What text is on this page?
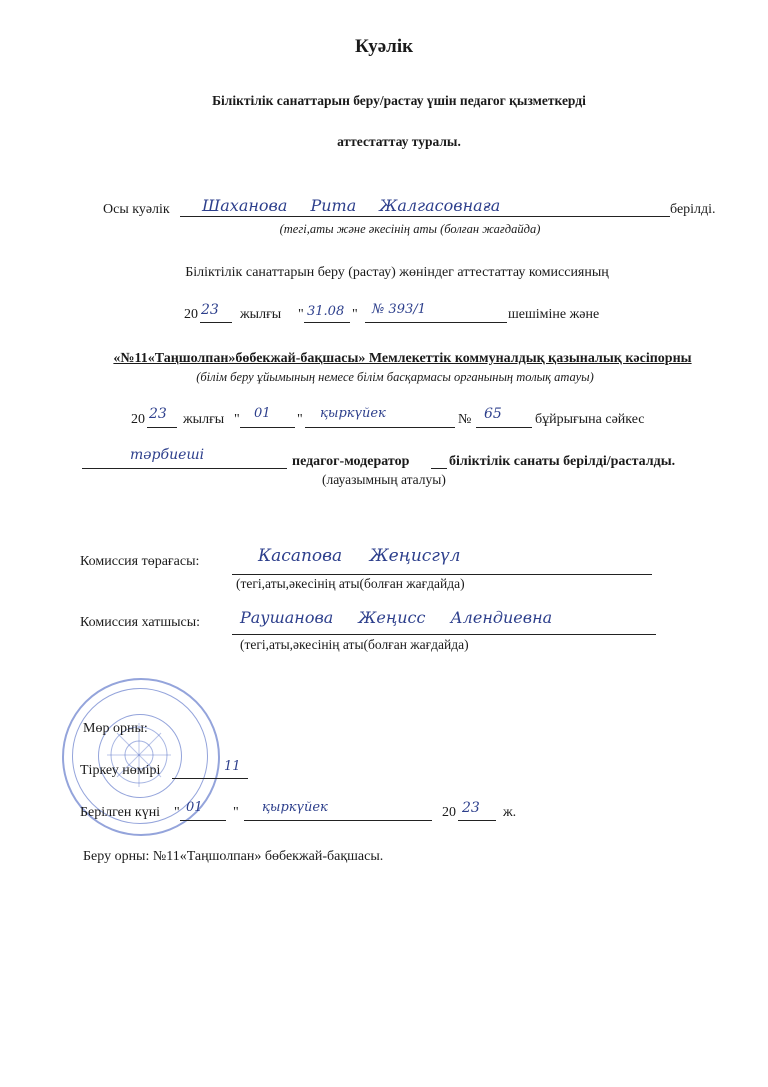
Куәлік
Біліктілік санаттарын беру/растау үшін педагог қызметкерді
аттестаттау туралы.
Осы куәлік Шаханова Рита Жалгасовнаға	берілді.
(тегі,аты және әкесінің аты (болған жағдайда)
Біліктілік санаттарын беру (растау) жөніндег аттестаттау комиссияның
20 23 жылғы " 31.08 " № 393/1	шешіміне және
«№11«Таңшолпан»бөбекжай-бақшасы» Мемлекеттік коммуналдық қазыналық кәсіпорны
(білім беру ұйымының немесе білім басқармасы органының толық атауы)
20 23 жылғы " 01 " қыркүйек	№ 65 бұйрығына сәйкес
тәрбиеші	педагог-модератор	біліктілік санаты берілді/расталды.
(лауазымның аталуы)
Комиссия төрағасы:	Касапова Жеңисгүл
(тегі,аты,әкесінің аты(болған жағдайда)
Комиссия хатшысы: Раушанова Жеңисс Алендиевна
(тегі,аты,әкесінің аты(болған жағдайда)
Мөр орны:
Тіркеу нөмірі	11
Берілген күні " 01 " қыркүйек	20 23 ж.
Беру орны: №11«Таңшолпан» бөбекжай-бақшасы.
